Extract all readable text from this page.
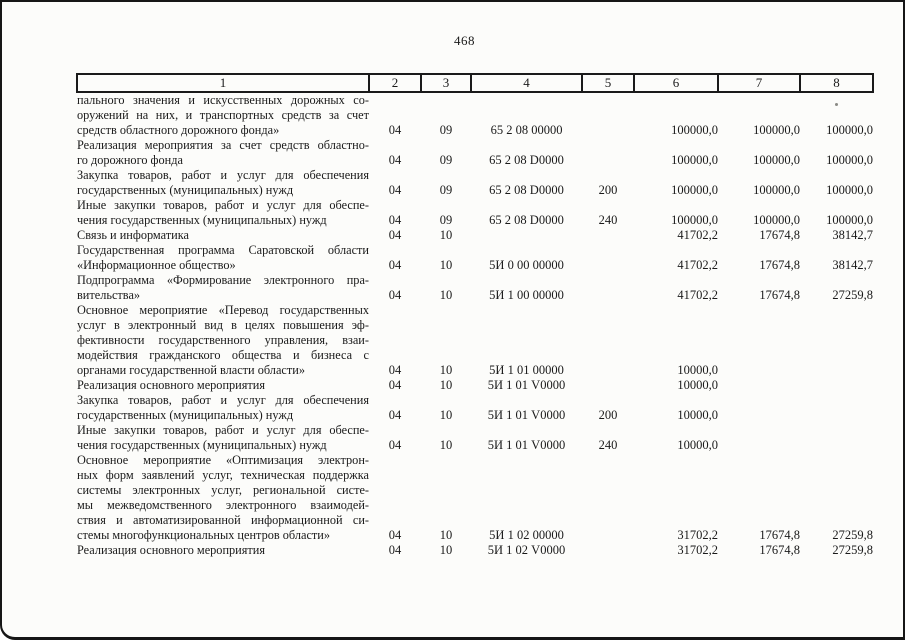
468
1	2	3	4	5	6	7	8

пального значения и искусственных дорожных со-
оружений на них, и транспортных средств за счет
средств областного дорожного фонда»	04	09	65 2 08 00000		100000,0	100000,0	100000,0

Реализация мероприятия за счет средств областно-
го дорожного фонда	04	09	65 2 08 D0000		100000,0	100000,0	100000,0

Закупка товаров, работ и услуг для обеспечения
государственных (муниципальных) нужд	04	09	65 2 08 D0000	200	100000,0	100000,0	100000,0

Иные закупки товаров, работ и услуг для обеспе-
чения государственных (муниципальных) нужд	04	09	65 2 08 D0000	240	100000,0	100000,0	100000,0

Связь и информатика	04	10			41702,2	17674,8	38142,7

Государственная программа Саратовской области
«Информационное общество»	04	10	5И 0 00 00000		41702,2	17674,8	38142,7

Подпрограмма «Формирование электронного пра-
вительства»	04	10	5И 1 00 00000		41702,2	17674,8	27259,8

Основное мероприятие «Перевод государственных
услуг в электронный вид в целях повышения эф-
фективности государственного управления, взаи-
модействия гражданского общества и бизнеса с
органами государственной власти области»	04	10	5И 1 01 00000		10000,0		

Реализация основного мероприятия	04	10	5И 1 01 V0000		10000,0		

Закупка товаров, работ и услуг для обеспечения
государственных (муниципальных) нужд	04	10	5И 1 01 V0000	200	10000,0		

Иные закупки товаров, работ и услуг для обеспе-
чения государственных (муниципальных) нужд	04	10	5И 1 01 V0000	240	10000,0		

Основное мероприятие «Оптимизация электрон-
ных форм заявлений услуг, техническая поддержка
системы электронных услуг, региональной систе-
мы межведомственного электронного взаимодей-
ствия и автоматизированной информационной си-
стемы многофункциональных центров области»	04	10	5И 1 02 00000		31702,2	17674,8	27259,8

Реализация основного мероприятия	04	10	5И 1 02 V0000		31702,2	17674,8	27259,8
